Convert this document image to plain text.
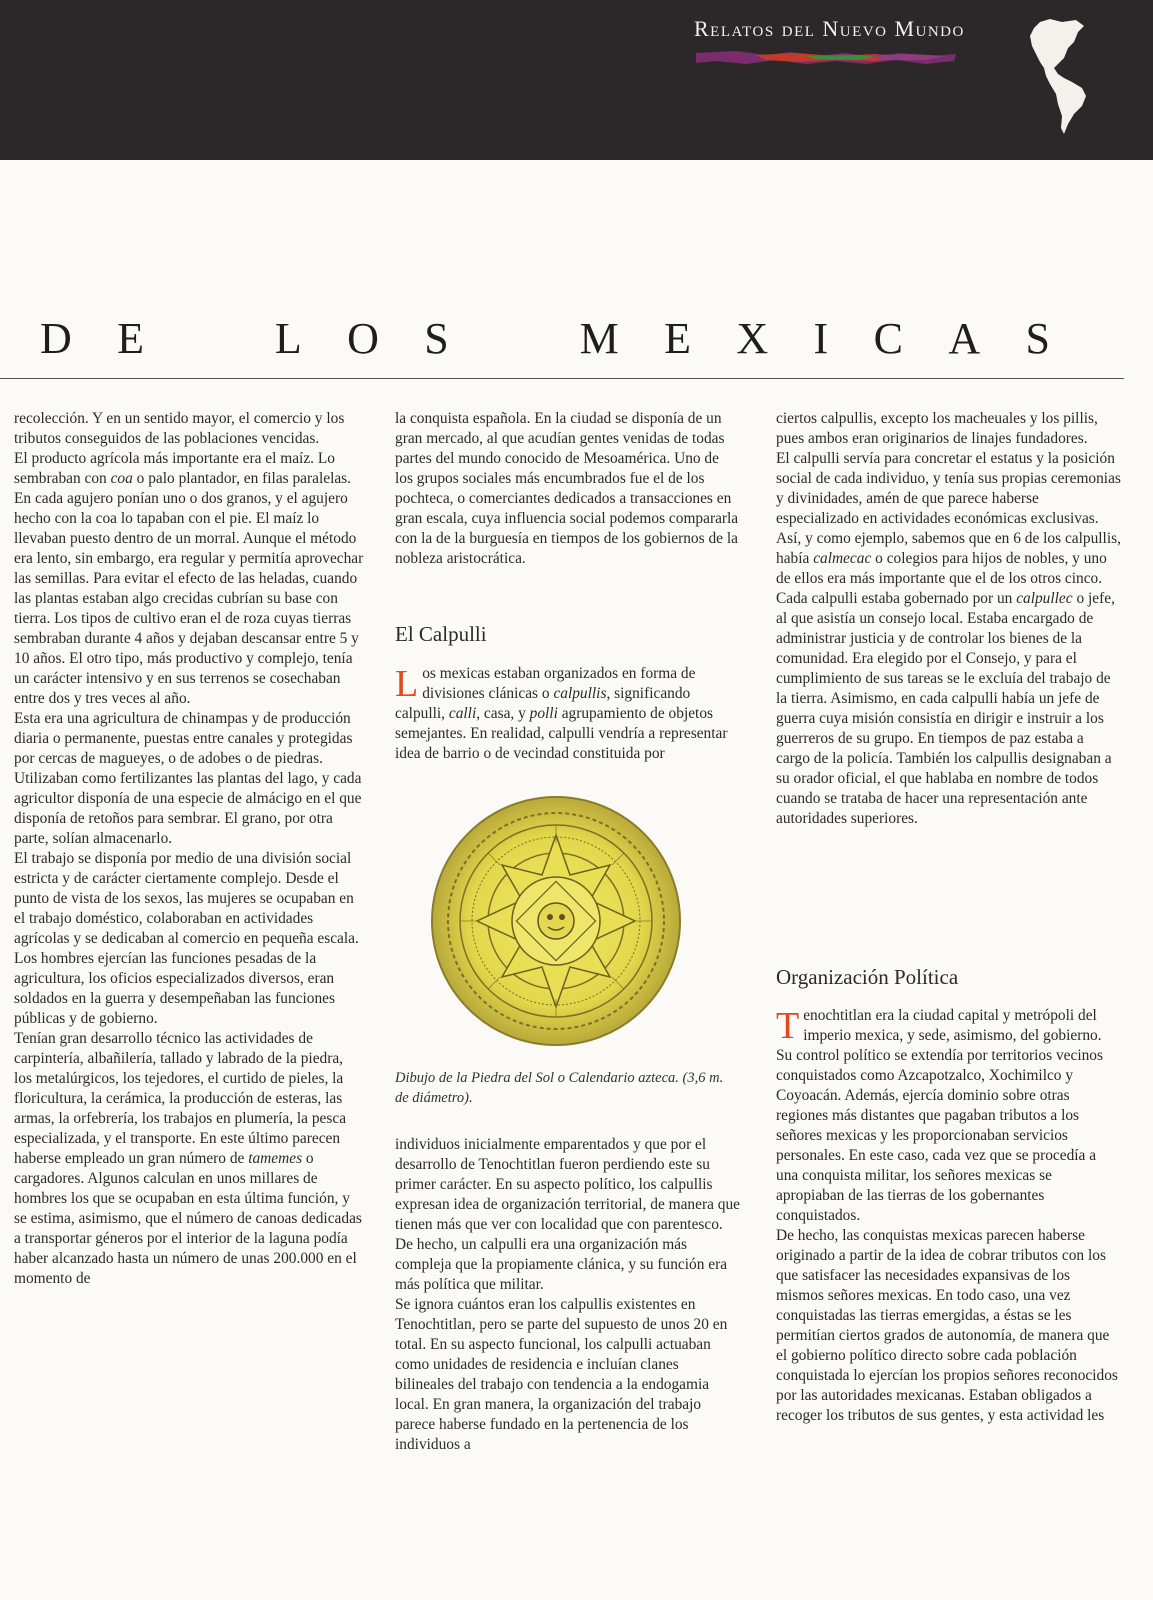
Relatos del Nuevo Mundo
D E	L O S	M E X I C A S

recolección. Y en un sentido mayor, el comercio y los tributos conseguidos de las poblaciones vencidas.

El producto agrícola más importante era el maíz. Lo sembraban con coa o palo plantador, en filas paralelas. En cada agujero ponían uno o dos granos, y el agujero hecho con la coa lo tapaban con el pie. El maíz lo llevaban puesto dentro de un morral. Aunque el método era lento, sin embargo, era regular y permitía aprovechar las semillas. Para evitar el efecto de las heladas, cuando las plantas estaban algo crecidas cubrían su base con tierra. Los tipos de cultivo eran el de roza cuyas tierras sembraban durante 4 años y dejaban descansar entre 5 y 10 años. El otro tipo, más productivo y complejo, tenía un carácter intensivo y en sus terrenos se cosechaban entre dos y tres veces al año.

Esta era una agricultura de chinampas y de producción diaria o permanente, puestas entre canales y protegidas por cercas de magueyes, o de adobes o de piedras. Utilizaban como fertilizantes las plantas del lago, y cada agricultor disponía de una especie de almácigo en el que disponía de retoños para sembrar. El grano, por otra parte, solían almacenarlo.

El trabajo se disponía por medio de una división social estricta y de carácter ciertamente complejo. Desde el punto de vista de los sexos, las mujeres se ocupaban en el trabajo doméstico, colaboraban en actividades agrícolas y se dedicaban al comercio en pequeña escala. Los hombres ejercían las funciones pesadas de la agricultura, los oficios especializados diversos, eran soldados en la guerra y desempeñaban las funciones públicas y de gobierno.

Tenían gran desarrollo técnico las actividades de carpintería, albañilería, tallado y labrado de la piedra, los metalúrgicos, los tejedores, el curtido de pieles, la floricultura, la cerámica, la producción de esteras, las armas, la orfebrería, los trabajos en plumería, la pesca especializada, y el transporte. En este último parecen haberse empleado un gran número de tamemes o cargadores. Algunos calculan en unos millares de hombres los que se ocupaban en esta última función, y se estima, asimismo, que el número de canoas dedicadas a transportar géneros por el interior de la laguna podía haber alcanzado hasta un número de unas 200.000 en el momento de

la conquista española. En la ciudad se disponía de un gran mercado, al que acudían gentes venidas de todas partes del mundo conocido de Mesoamérica. Uno de los grupos sociales más encumbrados fue el de los pochteca, o comerciantes dedicados a transacciones en gran escala, cuya influencia social podemos compararla con la de la burguesía en tiempos de los gobiernos de la nobleza aristocrática.

El Calpulli
Los mexicas estaban organizados en forma de divisiones clánicas o calpullis, significando calpulli, calli, casa, y polli agrupamiento de objetos semejantes. En realidad, calpulli vendría a representar idea de barrio o de vecindad constituida por
Dibujo de la Piedra del Sol o Calendario azteca. (3,6 m. de diámetro).

individuos inicialmente emparentados y que por el desarrollo de Tenochtitlan fueron perdiendo este su primer carácter. En su aspecto político, los calpullis expresan idea de organización territorial, de manera que tienen más que ver con localidad que con parentesco. De hecho, un calpulli era una organización más compleja que la propiamente clánica, y su función era más política que militar.

Se ignora cuántos eran los calpullis existentes en Tenochtitlan, pero se parte del supuesto de unos 20 en total. En su aspecto funcional, los calpulli actuaban como unidades de residencia e incluían clanes bilineales del trabajo con tendencia a la endogamia local. En gran manera, la organización del trabajo parece haberse fundado en la pertenencia de los individuos a

ciertos calpullis, excepto los macheuales y los pillis, pues ambos eran originarios de linajes fundadores.

El calpulli servía para concretar el estatus y la posición social de cada individuo, y tenía sus propias ceremonias y divinidades, amén de que parece haberse especializado en actividades económicas exclusivas. Así, y como ejemplo, sabemos que en 6 de los calpullis, había calmecac o colegios para hijos de nobles, y uno de ellos era más importante que el de los otros cinco.

Cada calpulli estaba gobernado por un calpullec o jefe, al que asistía un consejo local. Estaba encargado de administrar justicia y de controlar los bienes de la comunidad. Era elegido por el Consejo, y para el cumplimiento de sus tareas se le excluía del trabajo de la tierra. Asimismo, en cada calpulli había un jefe de guerra cuya misión consistía en dirigir e instruir a los guerreros de su grupo. En tiempos de paz estaba a cargo de la policía. También los calpullis designaban a su orador oficial, el que hablaba en nombre de todos cuando se trataba de hacer una representación ante autoridades superiores.

Organización Política

Tenochtitlan era la ciudad capital y metrópoli del imperio mexica, y sede, asimismo, del gobierno. Su control político se extendía por territorios vecinos conquistados como Azcapotzalco, Xochimilco y Coyoacán. Además, ejercía dominio sobre otras regiones más distantes que pagaban tributos a los señores mexicas y les proporcionaban servicios personales. En este caso, cada vez que se procedía a una conquista militar, los señores mexicas se apropiaban de las tierras de los gobernantes conquistados.

De hecho, las conquistas mexicas parecen haberse originado a partir de la idea de cobrar tributos con los que satisfacer las necesidades expansivas de los mismos señores mexicas. En todo caso, una vez conquistadas las tierras emergidas, a éstas se les permitían ciertos grados de autonomía, de manera que el gobierno político directo sobre cada población conquistada lo ejercían los propios señores reconocidos por las autoridades mexicanas. Estaban obligados a recoger los tributos de sus gentes, y esta actividad les
